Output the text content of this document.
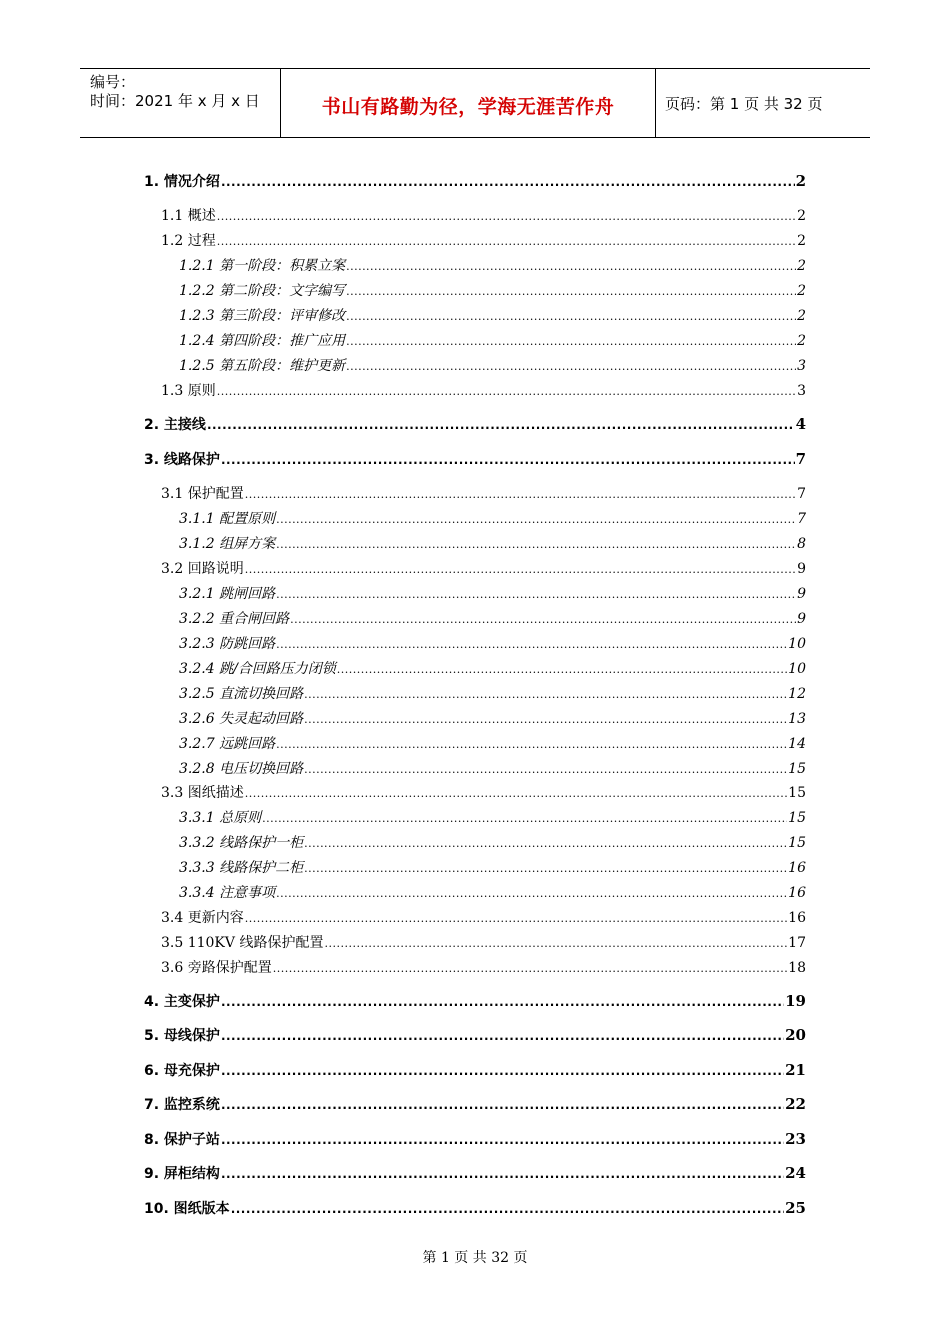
编号：
时间：2021 年 x 月 x 日	书山有路勤为径，学海无涯苦作舟	页码：第 1 页 共 32 页
1. 情况介绍 .....	2
1.1 概述 .....	2
1.2 过程 .....	2
1.2.1 第一阶段：积累立案 .....	2
1.2.2 第二阶段：文字编写 .....	2
1.2.3 第三阶段：评审修改 .....	2
1.2.4 第四阶段：推广应用 .....	2
1.2.5 第五阶段：维护更新 .....	3
1.3 原则 .....	3
2. 主接线 .....	4
3. 线路保护 .....	7
3.1 保护配置 .....	7
3.1.1 配置原则 .....	7
3.1.2 组屏方案 .....	8
3.2 回路说明 .....	9
3.2.1 跳闸回路 .....	9
3.2.2 重合闸回路 .....	9
3.2.3 防跳回路 .....	10
3.2.4 跳/合回路压力闭锁 .....	10
3.2.5 直流切换回路 .....	12
3.2.6 失灵起动回路 .....	13
3.2.7 远跳回路 .....	14
3.2.8 电压切换回路 .....	15
3.3 图纸描述 .....	15
3.3.1 总原则 .....	15
3.3.2 线路保护一柜 .....	15
3.3.3 线路保护二柜 .....	16
3.3.4 注意事项 .....	16
3.4 更新内容 .....	16
3.5 110KV 线路保护配置 .....	17
3.6 旁路保护配置 .....	18
4. 主变保护 .....	19
5. 母线保护 .....	20
6. 母充保护 .....	21
7. 监控系统 .....	22
8. 保护子站 .....	23
9. 屏柜结构 .....	24
10. 图纸版本 .....	25
第 1 页 共 32 页
